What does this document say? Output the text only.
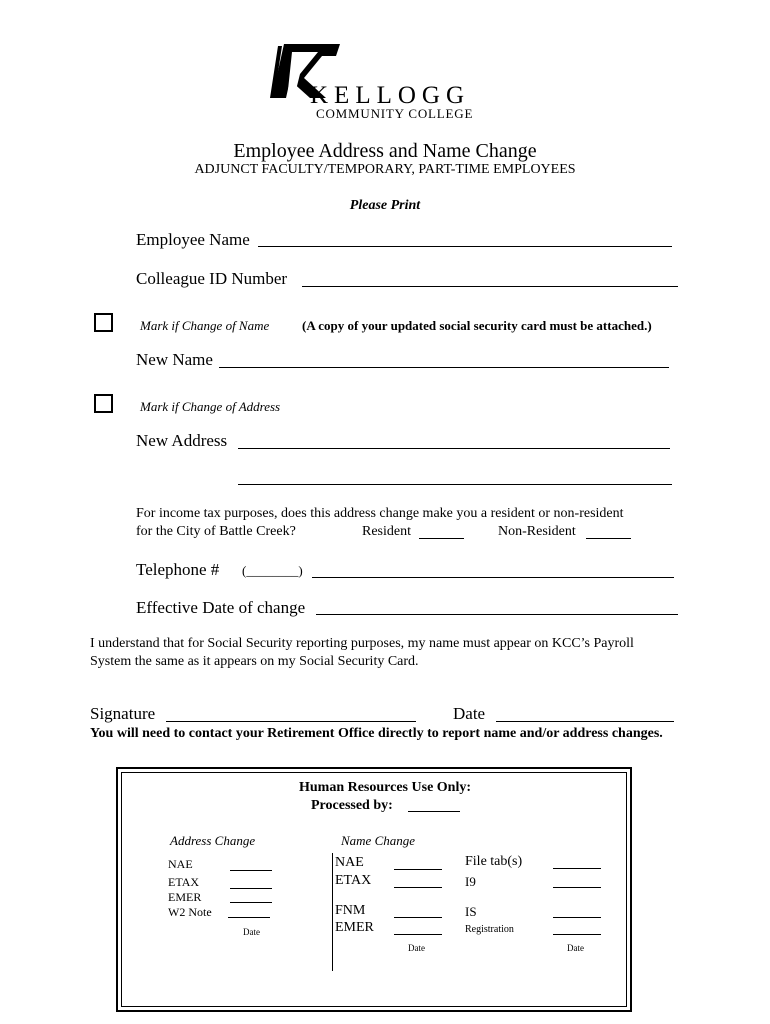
KELLOGG
COMMUNITY COLLEGE
Employee Address and Name Change
ADJUNCT FACULTY/TEMPORARY, PART-TIME EMPLOYEES
Please Print
Employee Name
Colleague ID Number
Mark if Change of Name	(A copy of your updated social security card must be attached.)
New Name
Mark if Change of Address
New Address
For income tax purposes, does this address change make you a resident or non-resident
for the City of Battle Creek?	Resident	Non-Resident
Telephone # (________)
Effective Date of change
I understand that for Social Security reporting purposes, my name must appear on KCC’s Payroll
System the same as it appears on my Social Security Card.
Signature	Date
You will need to contact your Retirement Office directly to report name and/or address changes.
Human Resources Use Only:
Processed by:
Address Change
NAE
ETAX
EMER
W2 Note
Date
Name Change
NAE
ETAX
FNM
EMER
Date
File tab(s)
I9
IS
Registration
Date
